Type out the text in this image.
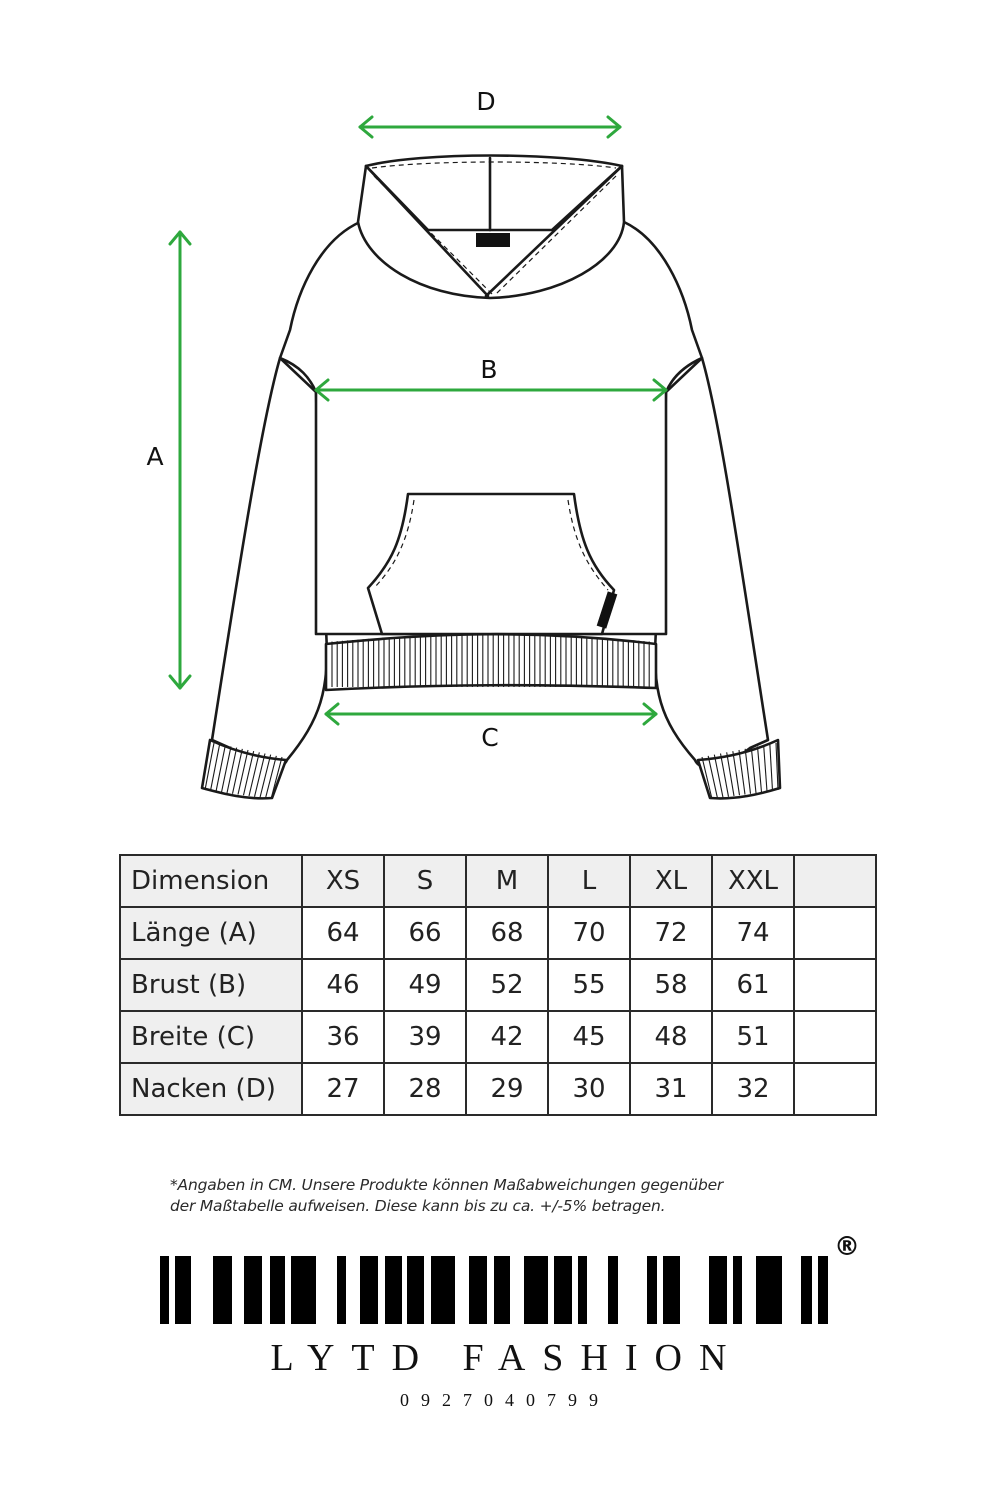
D
A
B
C
Dimension	XS	S	M	L	XL	XXL	
Länge (A)	64	66	68	70	72	74	
Brust (B)	46	49	52	55	58	61	
Breite (C)	36	39	42	45	48	51	
Nacken (D)	27	28	29	30	31	32	
*Angaben in CM. Unsere Produkte können Maßabweichungen gegenüber
der Maßtabelle aufweisen. Diese kann bis zu ca. +/-5% betragen.
®
LYTD FASHION
0927040799
